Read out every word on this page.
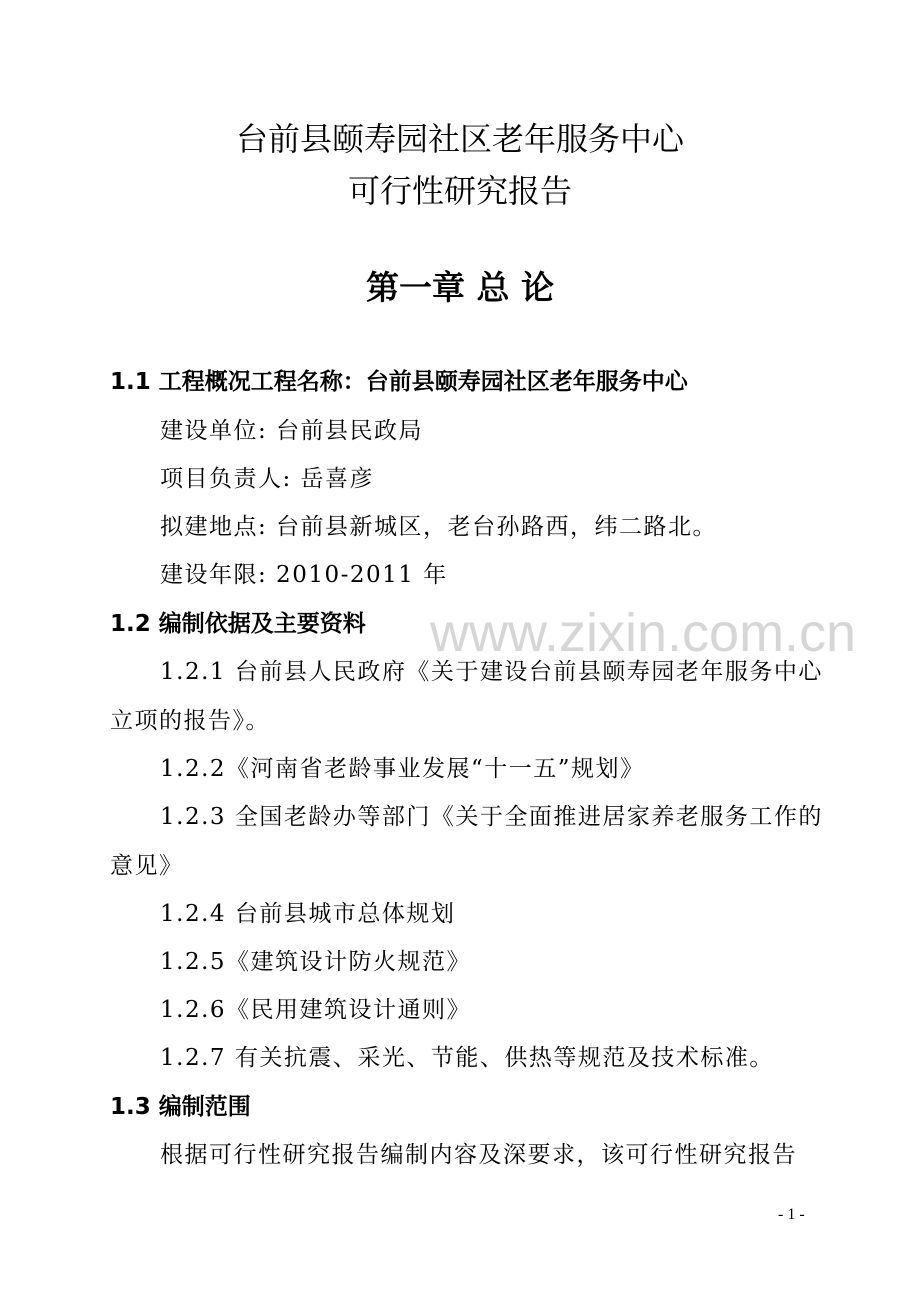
台前县颐寿园社区老年服务中心
可行性研究报告
第一章 总 论
1.1 工程概况工程名称：台前县颐寿园社区老年服务中心
建设单位: 台前县民政局
项目负责人: 岳喜彦
拟建地点: 台前县新城区，老台孙路西，纬二路北。
建设年限: 2010-2011 年
1.2 编制依据及主要资料
1.2.1 台前县人民政府《关于建设台前县颐寿园老年服务中心
立项的报告》。
1.2.2《河南省老龄事业发展“十一五”规划》
1.2.3 全国老龄办等部门《关于全面推进居家养老服务工作的
意见》
1.2.4 台前县城市总体规划
1.2.5《建筑设计防火规范》
1.2.6《民用建筑设计通则》
1.2.7 有关抗震、采光、节能、供热等规范及技术标准。
1.3 编制范围
根据可行性研究报告编制内容及深要求，该可行性研究报告
- 1 -
www.zixin.com.cn
